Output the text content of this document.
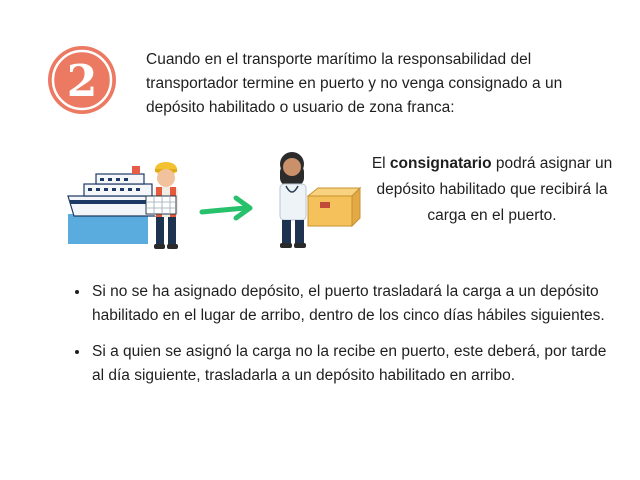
2	Cuando en el transporte marítimo la responsabilidad del transportador termine en puerto y no venga consignado a un depósito habilitado o usuario de zona franca:

El consignatario podrá asignar un depósito habilitado que recibirá la carga en el puerto.

• Si no se ha asignado depósito, el puerto trasladará la carga a un depósito habilitado en el lugar de arribo, dentro de los cinco días hábiles siguientes.
• Si a quien se asignó la carga no la recibe en puerto, este deberá, por tarde al día siguiente, trasladarla a un depósito habilitado en arribo.
